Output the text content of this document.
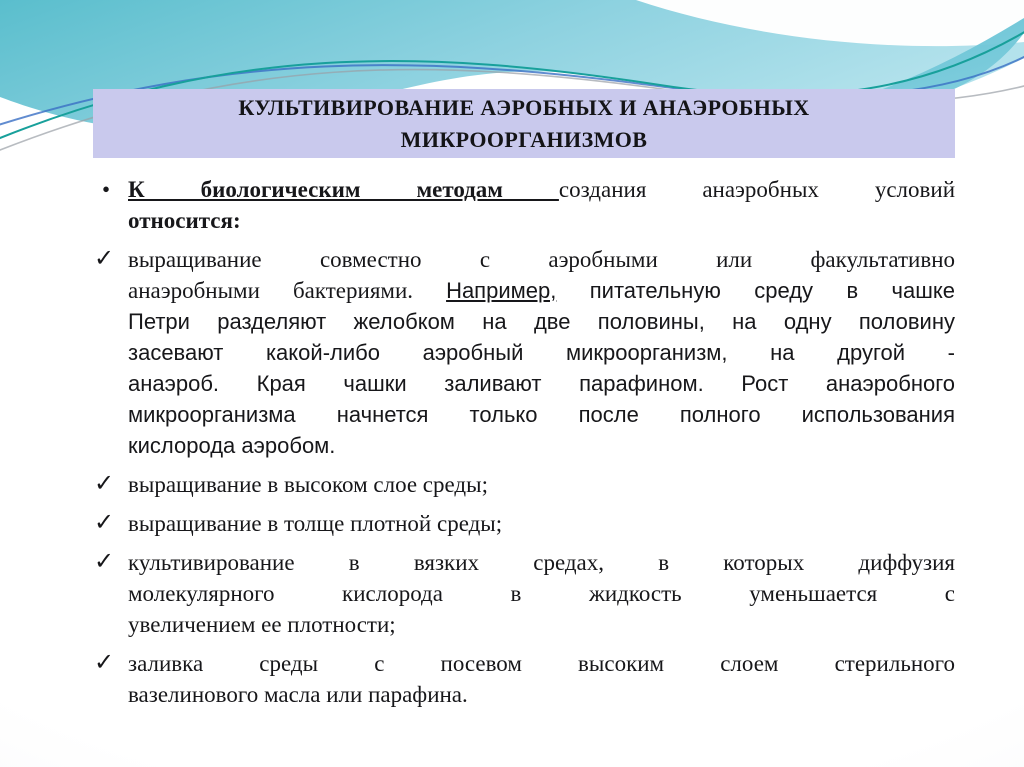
КУЛЬТИВИРОВАНИЕ АЭРОБНЫХ И АНАЭРОБНЫХ МИКРООРГАНИЗМОВ
• К биологическим методам создания анаэробных условий
относится:
✓ выращивание совместно с аэробными или факультативно
анаэробными бактериями. Например, питательную среду в чашке
Петри разделяют желобком на две половины, на одну половину
засевают какой-либо аэробный микроорганизм, на другой -
анаэроб. Края чашки заливают парафином. Рост анаэробного
микроорганизма начнется только после полного использования
кислорода аэробом.
✓ выращивание в высоком слое среды;
✓ выращивание в толще плотной среды;
✓ культивирование в вязких средах, в которых диффузия
молекулярного кислорода в жидкость уменьшается с
увеличением ее плотности;
✓ заливка среды с посевом высоким слоем стерильного
вазелинового масла или парафина.
